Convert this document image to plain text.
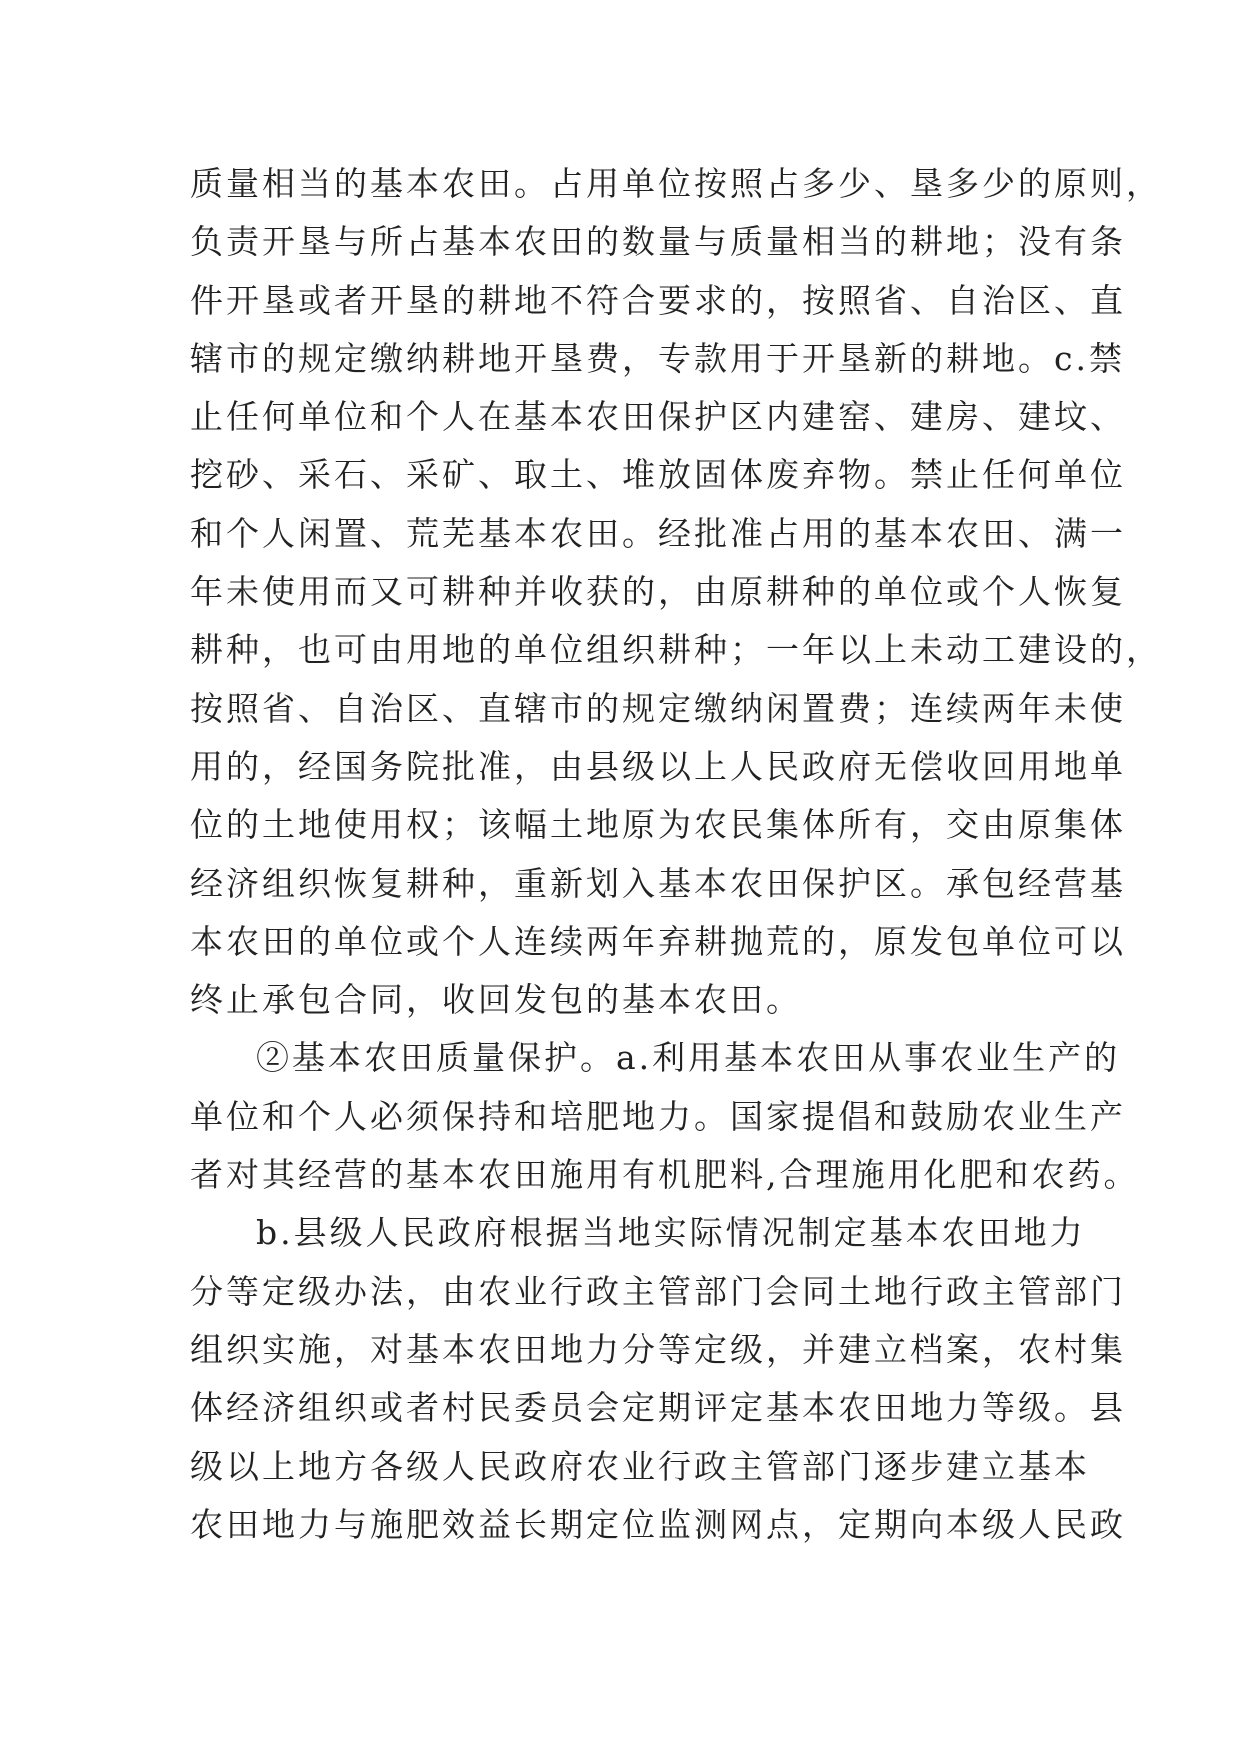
质量相当的基本农田。占用单位按照占多少、垦多少的原则，
负责开垦与所占基本农田的数量与质量相当的耕地；没有条
件开垦或者开垦的耕地不符合要求的，按照省、自治区、直
辖市的规定缴纳耕地开垦费，专款用于开垦新的耕地。c.禁
止任何单位和个人在基本农田保护区内建窑、建房、建坟、
挖砂、采石、采矿、取土、堆放固体废弃物。禁止任何单位
和个人闲置、荒芜基本农田。经批准占用的基本农田、满一
年未使用而又可耕种并收获的，由原耕种的单位或个人恢复
耕种，也可由用地的单位组织耕种；一年以上未动工建设的，
按照省、自治区、直辖市的规定缴纳闲置费；连续两年未使
用的，经国务院批准，由县级以上人民政府无偿收回用地单
位的土地使用权；该幅土地原为农民集体所有，交由原集体
经济组织恢复耕种，重新划入基本农田保护区。承包经营基
本农田的单位或个人连续两年弃耕抛荒的，原发包单位可以
终止承包合同，收回发包的基本农田。
②基本农田质量保护。a.利用基本农田从事农业生产的
单位和个人必须保持和培肥地力。国家提倡和鼓励农业生产
者对其经营的基本农田施用有机肥料,合理施用化肥和农药。
b.县级人民政府根据当地实际情况制定基本农田地力
分等定级办法，由农业行政主管部门会同土地行政主管部门
组织实施，对基本农田地力分等定级，并建立档案，农村集
体经济组织或者村民委员会定期评定基本农田地力等级。县
级以上地方各级人民政府农业行政主管部门逐步建立基本
农田地力与施肥效益长期定位监测网点，定期向本级人民政
